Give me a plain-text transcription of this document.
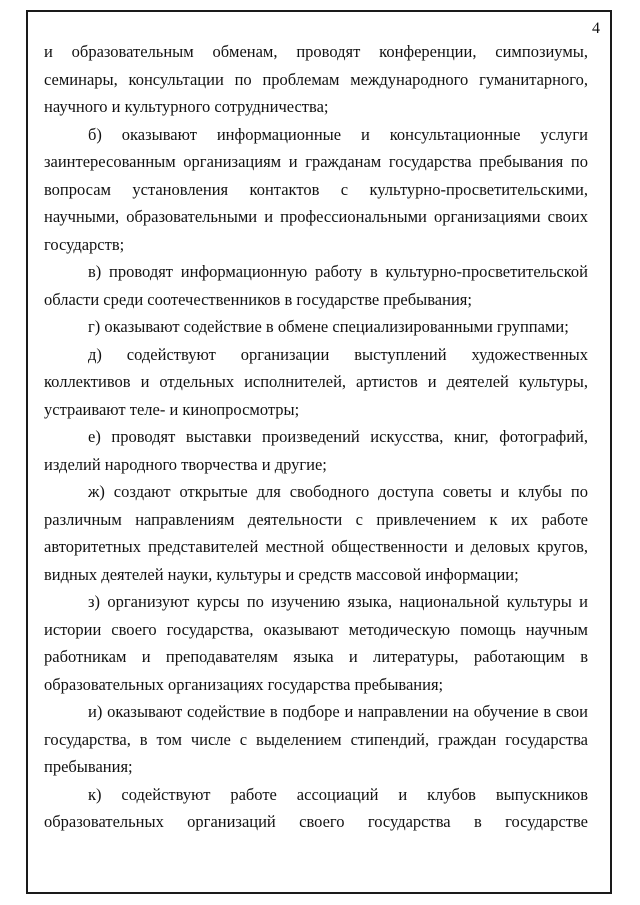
4

и образовательным обменам, проводят конференции, симпозиумы, семинары, консультации по проблемам международного гуманитарного, научного и культурного сотрудничества;

б) оказывают информационные и консультационные услуги заинтересованным организациям и гражданам государства пребывания по вопросам установления контактов с культурно-просветительскими, научными, образовательными и профессиональными организациями своих государств;

в) проводят информационную работу в культурно-просветительской области среди соотечественников в государстве пребывания;

г) оказывают содействие в обмене специализированными группами;

д) содействуют организации выступлений художественных коллективов и отдельных исполнителей, артистов и деятелей культуры, устраивают теле- и кинопросмотры;

е) проводят выставки произведений искусства, книг, фотографий, изделий народного творчества и другие;

ж) создают открытые для свободного доступа советы и клубы по различным направлениям деятельности с привлечением к их работе авторитетных представителей местной общественности и деловых кругов, видных деятелей науки, культуры и средств массовой информации;

з) организуют курсы по изучению языка, национальной культуры и истории своего государства, оказывают методическую помощь научным работникам и преподавателям языка и литературы, работающим в образовательных организациях государства пребывания;

и) оказывают содействие в подборе и направлении на обучение в свои государства, в том числе с выделением стипендий, граждан государства пребывания;

к) содействуют работе ассоциаций и клубов выпускников образовательных организаций своего государства в государстве
